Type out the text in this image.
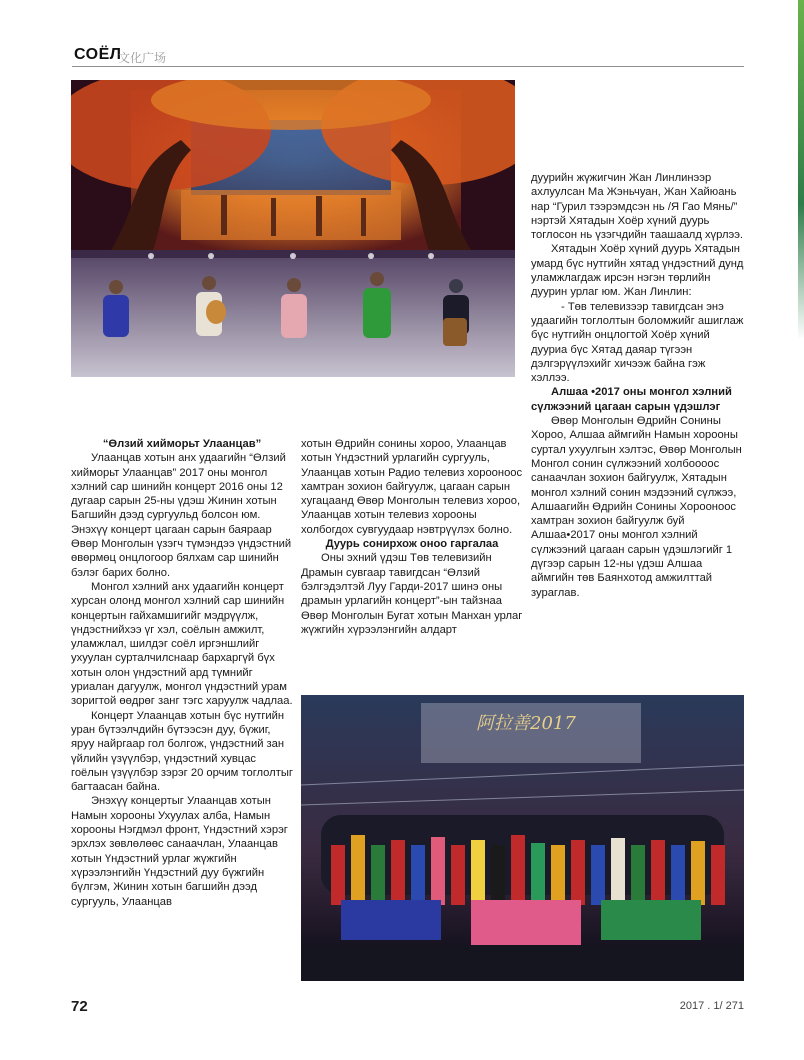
СОЁЛ
文化广场
阿拉善2017

“Өлзий хийморьт Улаанцав”

Улаанцав хотын анх удаагийн “Өлзий хийморьт Улаанцав” 2017 оны монгол хэлний сар шинийн концерт 2016 оны 12 дугаар сарын 25-ны үдэш Жинин хотын Багшийн дээд сургуульд болсон юм. Энэхүү концерт цагаан сарын баяраар Өвөр Монголын үзэгч түмэндээ үндэстний өвөрмөц онцлогоор бялхам сар шинийн бэлэг барих болно.

Монгол хэлний анх удаагийн концерт хурсан олонд монгол хэлний сар шинийн концертын гайхамшигийг мэдрүүлж, үндэстнийхээ үг хэл, соёлын амжилт, уламжлал, шилдэг соёл иргэншлийг ухуулан сурталчилснаар бархаргүй бүх хотын олон үндэстний ард түмнийг уриалан дагуулж, монгол үндэстний урам зоригтой өөдрөг занг тэгс харуулж чадлаа.

Концерт Улаанцав хотын бүс нутгийн уран бүтээлчдийн бүтээсэн дуу, бүжиг, яруу найргаар гол болгож, үндэстний зан үйлийн үзүүлбэр, үндэстний хувцас гоёлын үзүүлбэр зэрэг 20 орчим тоглолтыг багтаасан байна.

Энэхүү концертыг Улаанцав хотын Намын хорооны Ухуулах алба, Намын хорооны Нэгдмэл фронт, Үндэстний хэрэг эрхлэх зөвлөлөөс санаачлан, Улаанцав хотын Үндэстний урлаг жүжгийн хүрээлэнгийн Үндэстний дуу бүжгийн бүлгэм, Жинин хотын багшийн дээд сургууль, Улаанцав

хотын Өдрийн сонины хороо, Улаанцав хотын Үндэстний урлагийн сургууль, Улаанцав хотын Радио телевиз хорооноос хамтран зохион байгуулж, цагаан сарын хугацаанд Өвөр Монголын телевиз хороо, Улаанцав хотын телевиз хорооны холбогдох сувгуудаар нэвтрүүлэх болно.

Дуурь сонирхож оноо гаргалаа

Оны эхний үдэш Төв телевизийн Драмын сувгаар тавигдсан “Өлзий бэлгэдэлтэй Луу Гарди-2017 шинэ оны драмын урлагийн концерт”-ын тайзнаа Өвөр Монголын Бугат хотын Манхан урлаг жүжгийн хүрээлэнгийн алдарт

дуурийн жүжигчин Жан Линлинээр ахлуулсан Ма Жэньчуан, Жан Хайюань нар “Гурил тээрэмдсэн нь /Я Гао Мянь/” нэртэй Хятадын Хоёр хүний дуурь тоглосон нь үзэгчдийн таашаалд хүрлээ.

Хятадын Хоёр хүний дуурь Хятадын умард бүс нутгийн хятад үндэстний дунд уламжлагдаж ирсэн нэгэн төрлийн дуурин урлаг юм. Жан Линлин:

- Төв телевизээр тавигдсан энэ удаагийн тоглолтын боломжийг ашиглаж бүс нутгийн онцлогтой Хоёр хүний дууриа бүс Хятад даяар түгээн дэлгэрүүлэхийг хичээж байна гэж хэллээ.

Алшаа •2017 оны монгол хэлний сүлжээний цагаан сарын үдэшлэг

Өвөр Монголын Өдрийн Сонины Хороо, Алшаа аймгийн Намын хорооны суртал ухуулгын хэлтэс, Өвөр Монголын Монгол сонин сүлжээний холбоооос санаачлан зохион байгуулж, Хятадын монгол хэлний сонин мэдээний сүлжээ, Алшаагийн Өдрийн Сонины Хорооноос хамтран зохион байгуулж буй Алшаа•2017 оны монгол хэлний сүлжээний цагаан сарын үдэшлэгийг 1 дүгээр сарын 12-ны үдэш Алшаа аймгийн төв Баянхотод амжилттай зураглав.

72	2017 . 1/ 271
